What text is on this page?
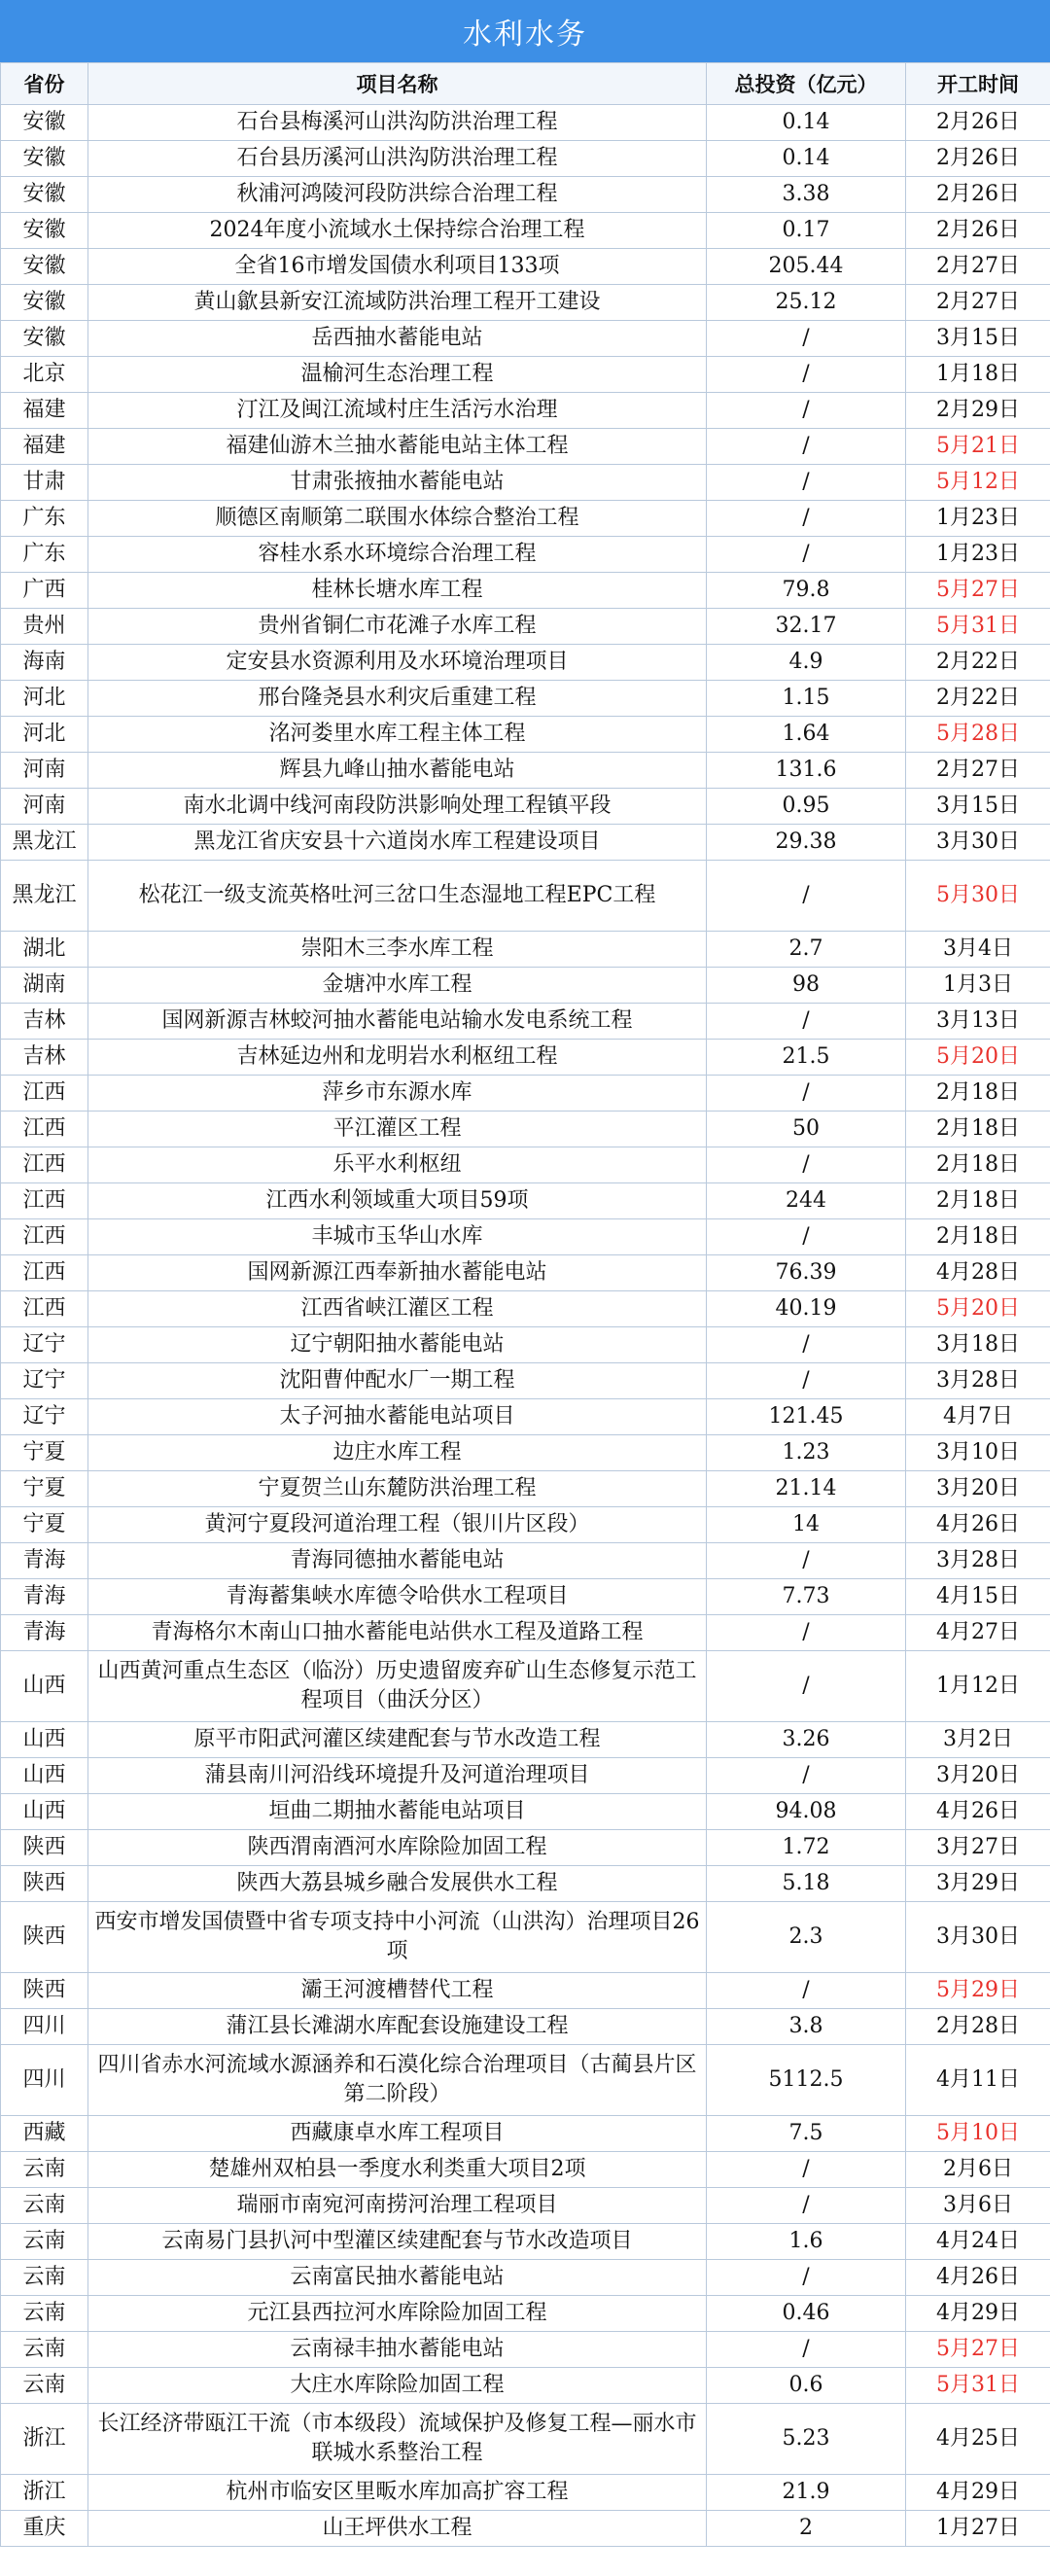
水利水务
省份	项目名称	总投资（亿元）	开工时间
安徽	石台县梅溪河山洪沟防洪治理工程	0.14	2月26日
安徽	石台县历溪河山洪沟防洪治理工程	0.14	2月26日
安徽	秋浦河鸿陵河段防洪综合治理工程	3.38	2月26日
安徽	2024年度小流域水土保持综合治理工程	0.17	2月26日
安徽	全省16市增发国债水利项目133项	205.44	2月27日
安徽	黄山歙县新安江流域防洪治理工程开工建设	25.12	2月27日
安徽	岳西抽水蓄能电站	/	3月15日
北京	温榆河生态治理工程	/	1月18日
福建	汀江及闽江流域村庄生活污水治理	/	2月29日
福建	福建仙游木兰抽水蓄能电站主体工程	/	5月21日
甘肃	甘肃张掖抽水蓄能电站	/	5月12日
广东	顺德区南顺第二联围水体综合整治工程	/	1月23日
广东	容桂水系水环境综合治理工程	/	1月23日
广西	桂林长塘水库工程	79.8	5月27日
贵州	贵州省铜仁市花滩子水库工程	32.17	5月31日
海南	定安县水资源利用及水环境治理项目	4.9	2月22日
河北	邢台隆尧县水利灾后重建工程	1.15	2月22日
河北	洺河娄里水库工程主体工程	1.64	5月28日
河南	辉县九峰山抽水蓄能电站	131.6	2月27日
河南	南水北调中线河南段防洪影响处理工程镇平段	0.95	3月15日
黑龙江	黑龙江省庆安县十六道岗水库工程建设项目	29.38	3月30日
黑龙江	松花江一级支流英格吐河三岔口生态湿地工程EPC工程	/	5月30日
湖北	崇阳木三李水库工程	2.7	3月4日
湖南	金塘冲水库工程	98	1月3日
吉林	国网新源吉林蛟河抽水蓄能电站输水发电系统工程	/	3月13日
吉林	吉林延边州和龙明岩水利枢纽工程	21.5	5月20日
江西	萍乡市东源水库	/	2月18日
江西	平江灌区工程	50	2月18日
江西	乐平水利枢纽	/	2月18日
江西	江西水利领域重大项目59项	244	2月18日
江西	丰城市玉华山水库	/	2月18日
江西	国网新源江西奉新抽水蓄能电站	76.39	4月28日
江西	江西省峡江灌区工程	40.19	5月20日
辽宁	辽宁朝阳抽水蓄能电站	/	3月18日
辽宁	沈阳曹仲配水厂一期工程	/	3月28日
辽宁	太子河抽水蓄能电站项目	121.45	4月7日
宁夏	边庄水库工程	1.23	3月10日
宁夏	宁夏贺兰山东麓防洪治理工程	21.14	3月20日
宁夏	黄河宁夏段河道治理工程（银川片区段）	14	4月26日
青海	青海同德抽水蓄能电站	/	3月28日
青海	青海蓄集峡水库德令哈供水工程项目	7.73	4月15日
青海	青海格尔木南山口抽水蓄能电站供水工程及道路工程	/	4月27日
山西	山西黄河重点生态区（临汾）历史遗留废弃矿山生态修复示范工程项目（曲沃分区）	/	1月12日
山西	原平市阳武河灌区续建配套与节水改造工程	3.26	3月2日
山西	蒲县南川河沿线环境提升及河道治理项目	/	3月20日
山西	垣曲二期抽水蓄能电站项目	94.08	4月26日
陕西	陕西渭南酒河水库除险加固工程	1.72	3月27日
陕西	陕西大荔县城乡融合发展供水工程	5.18	3月29日
陕西	西安市增发国债暨中省专项支持中小河流（山洪沟）治理项目26项	2.3	3月30日
陕西	灞王河渡槽替代工程	/	5月29日
四川	蒲江县长滩湖水库配套设施建设工程	3.8	2月28日
四川	四川省赤水河流域水源涵养和石漠化综合治理项目（古蔺县片区第二阶段）	5112.5	4月11日
西藏	西藏康卓水库工程项目	7.5	5月10日
云南	楚雄州双柏县一季度水利类重大项目2项	/	2月6日
云南	瑞丽市南宛河南捞河治理工程项目	/	3月6日
云南	云南易门县扒河中型灌区续建配套与节水改造项目	1.6	4月24日
云南	云南富民抽水蓄能电站	/	4月26日
云南	元江县西拉河水库除险加固工程	0.46	4月29日
云南	云南禄丰抽水蓄能电站	/	5月27日
云南	大庄水库除险加固工程	0.6	5月31日
浙江	长江经济带瓯江干流（市本级段）流域保护及修复工程—丽水市联城水系整治工程	5.23	4月25日
浙江	杭州市临安区里畈水库加高扩容工程	21.9	4月29日
重庆	山王坪供水工程	2	1月27日
